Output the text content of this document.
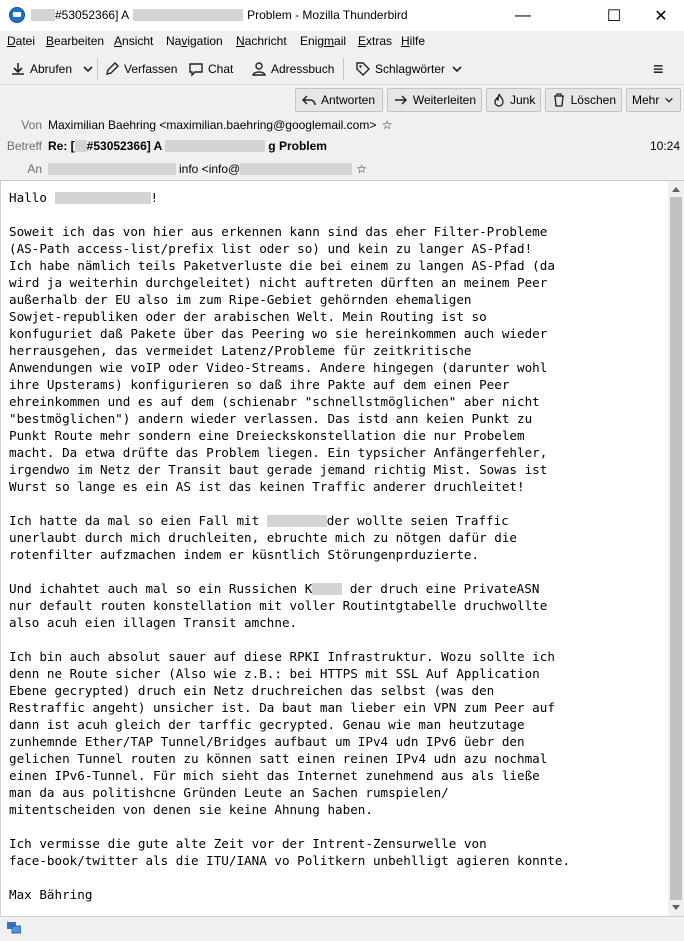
#53052366] A	Problem - Mozilla Thunderbird	—	☐ ✕
Datei Bearbeiten Ansicht Navigation Nachricht Enigmail Extras Hilfe
Abrufen	Verfassen	Chat	Adressbuch	Schlagwörter	≡
Antworten	Weiterleiten	Junk	Löschen Mehr
Von Maximilian Baehring <maximilian.baehring@googlemail.com> ☆
Betreff Re: [ #53052366] A	g Problem	10:24
An	info <info@	☆
Hallo	!

Soweit ich das von hier aus erkennen kann sind das eher Filter-Probleme
(AS-Path access-list/prefix list oder so) und kein zu langer AS-Pfad!
Ich habe nämlich teils Paketverluste die bei einem zu langen AS-Pfad (da
wird ja weiterhin durchgeleitet) nicht auftreten dürften an meinem Peer
außerhalb der EU also im zum Ripe-Gebiet gehörnden ehemaligen
Sowjet-republiken oder der arabischen Welt. Mein Routing ist so
konfuguriet daß Pakete über das Peering wo sie hereinkommen auch wieder
herrausgehen, das vermeidet Latenz/Probleme für zeitkritische
Anwendungen wie voIP oder Video-Streams. Andere hingegen (darunter wohl
ihre Upsterams) konfigurieren so daß ihre Pakte auf dem einen Peer
ehreinkommen und es auf dem (schienabr "schnellstmöglichen" aber nicht
"bestmöglichen") andern wieder verlassen. Das istd ann keien Punkt zu
Punkt Route mehr sondern eine Dreieckskonstellation die nur Probelem
macht. Da etwa drüfte das Problem liegen. Ein typsicher Anfängerfehler,
irgendwo im Netz der Transit baut gerade jemand richtig Mist. Sowas ist
Wurst so lange es ein AS ist das keinen Traffic anderer druchleitet!

Ich hatte da mal so eien Fall mit	der wollte seien Traffic
unerlaubt durch mich druchleiten, ebruchte mich zu nötgen dafür die
rotenfilter aufzmachen indem er küsntlich Störungenprduzierte.

Und ichahtet auch mal so ein Russichen K der druch eine PrivateASN
nur default routen konstellation mit voller Routintgtabelle druchwollte
also acuh eien illagen Transit amchne.

Ich bin auch absolut sauer auf diese RPKI Infrastruktur. Wozu sollte ich
denn ne Route sicher (Also wie z.B.: bei HTTPS mit SSL Auf Application
Ebene gecrypted) druch ein Netz druchreichen das selbst (was den
Restraffic angeht) unsicher ist. Da baut man lieber ein VPN zum Peer auf
dann ist acuh gleich der tarffic gecrypted. Genau wie man heutzutage
zunhemnde Ether/TAP Tunnel/Bridges aufbaut um IPv4 udn IPv6 üebr den
gelichen Tunnel routen zu können satt einen reinen IPv4 udn azu nochmal
einen IPv6-Tunnel. Für mich sieht das Internet zunehmend aus als ließe
man da aus politishcne Gründen Leute an Sachen rumspielen/
mitentscheiden von denen sie keine Ahnung haben.

Ich vermisse die gute alte Zeit vor der Intrent-Zensurwelle von
face-book/twitter als die ITU/IANA vo Politkern unbehlligt agieren konnte.

Max Bähring
